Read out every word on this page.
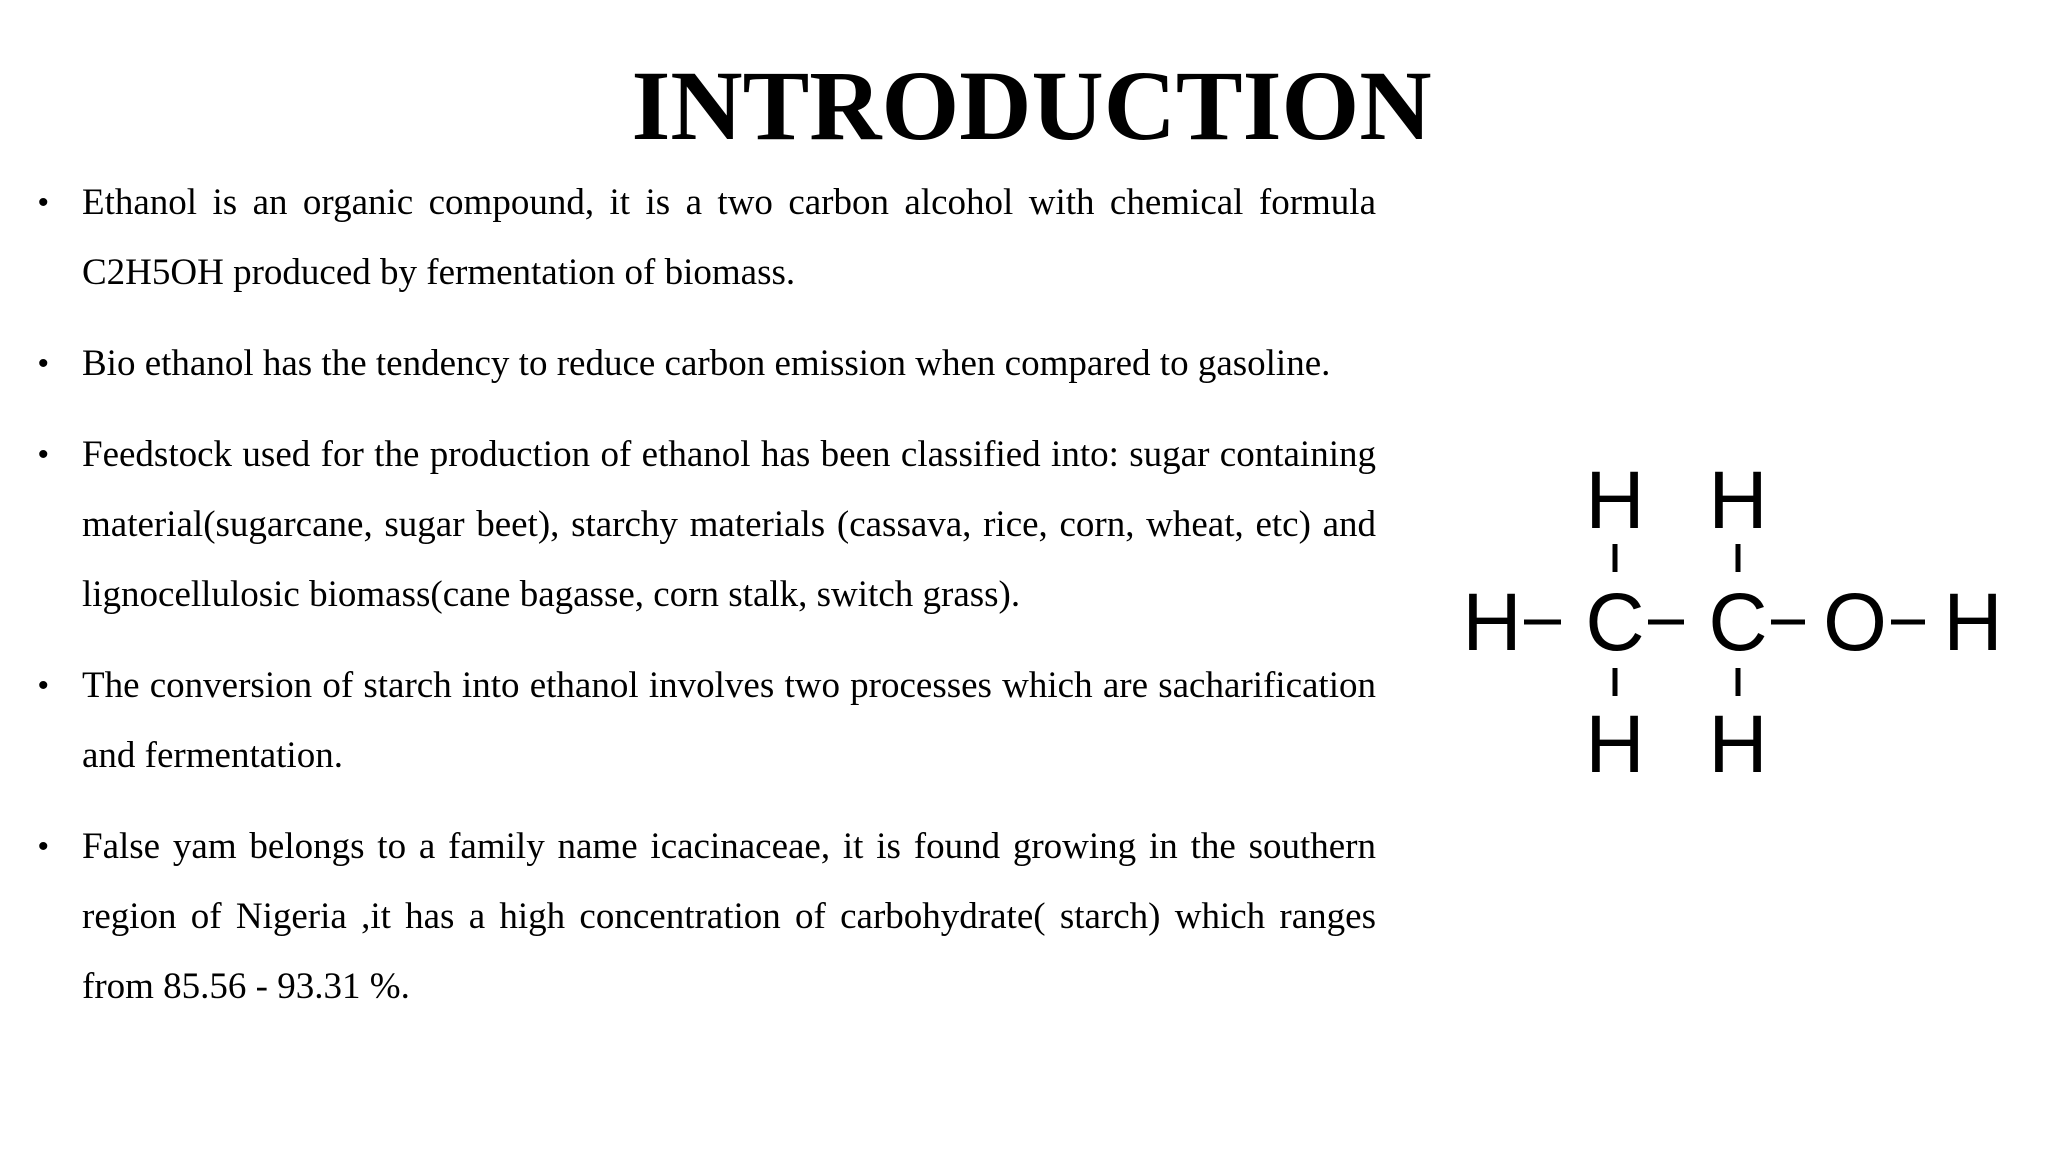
INTRODUCTION
• Ethanol is an organic compound, it is a two carbon alcohol with chemical formula C2H5OH produced by fermentation of biomass.
• Bio ethanol has the tendency to reduce carbon emission when compared to gasoline.
• Feedstock used for the production of ethanol has been classified into: sugar containing material(sugarcane, sugar beet), starchy materials (cassava, rice, corn, wheat, etc) and lignocellulosic biomass(cane bagasse, corn stalk, switch grass).
• The conversion of starch into ethanol involves two processes which are sacharification and fermentation.
• False yam belongs to a family name icacinaceae, it is found growing in the southern region of Nigeria ,it has a high concentration of carbohydrate( starch) which ranges from 85.56 - 93.31 %.
H H
H C C O H
H H
